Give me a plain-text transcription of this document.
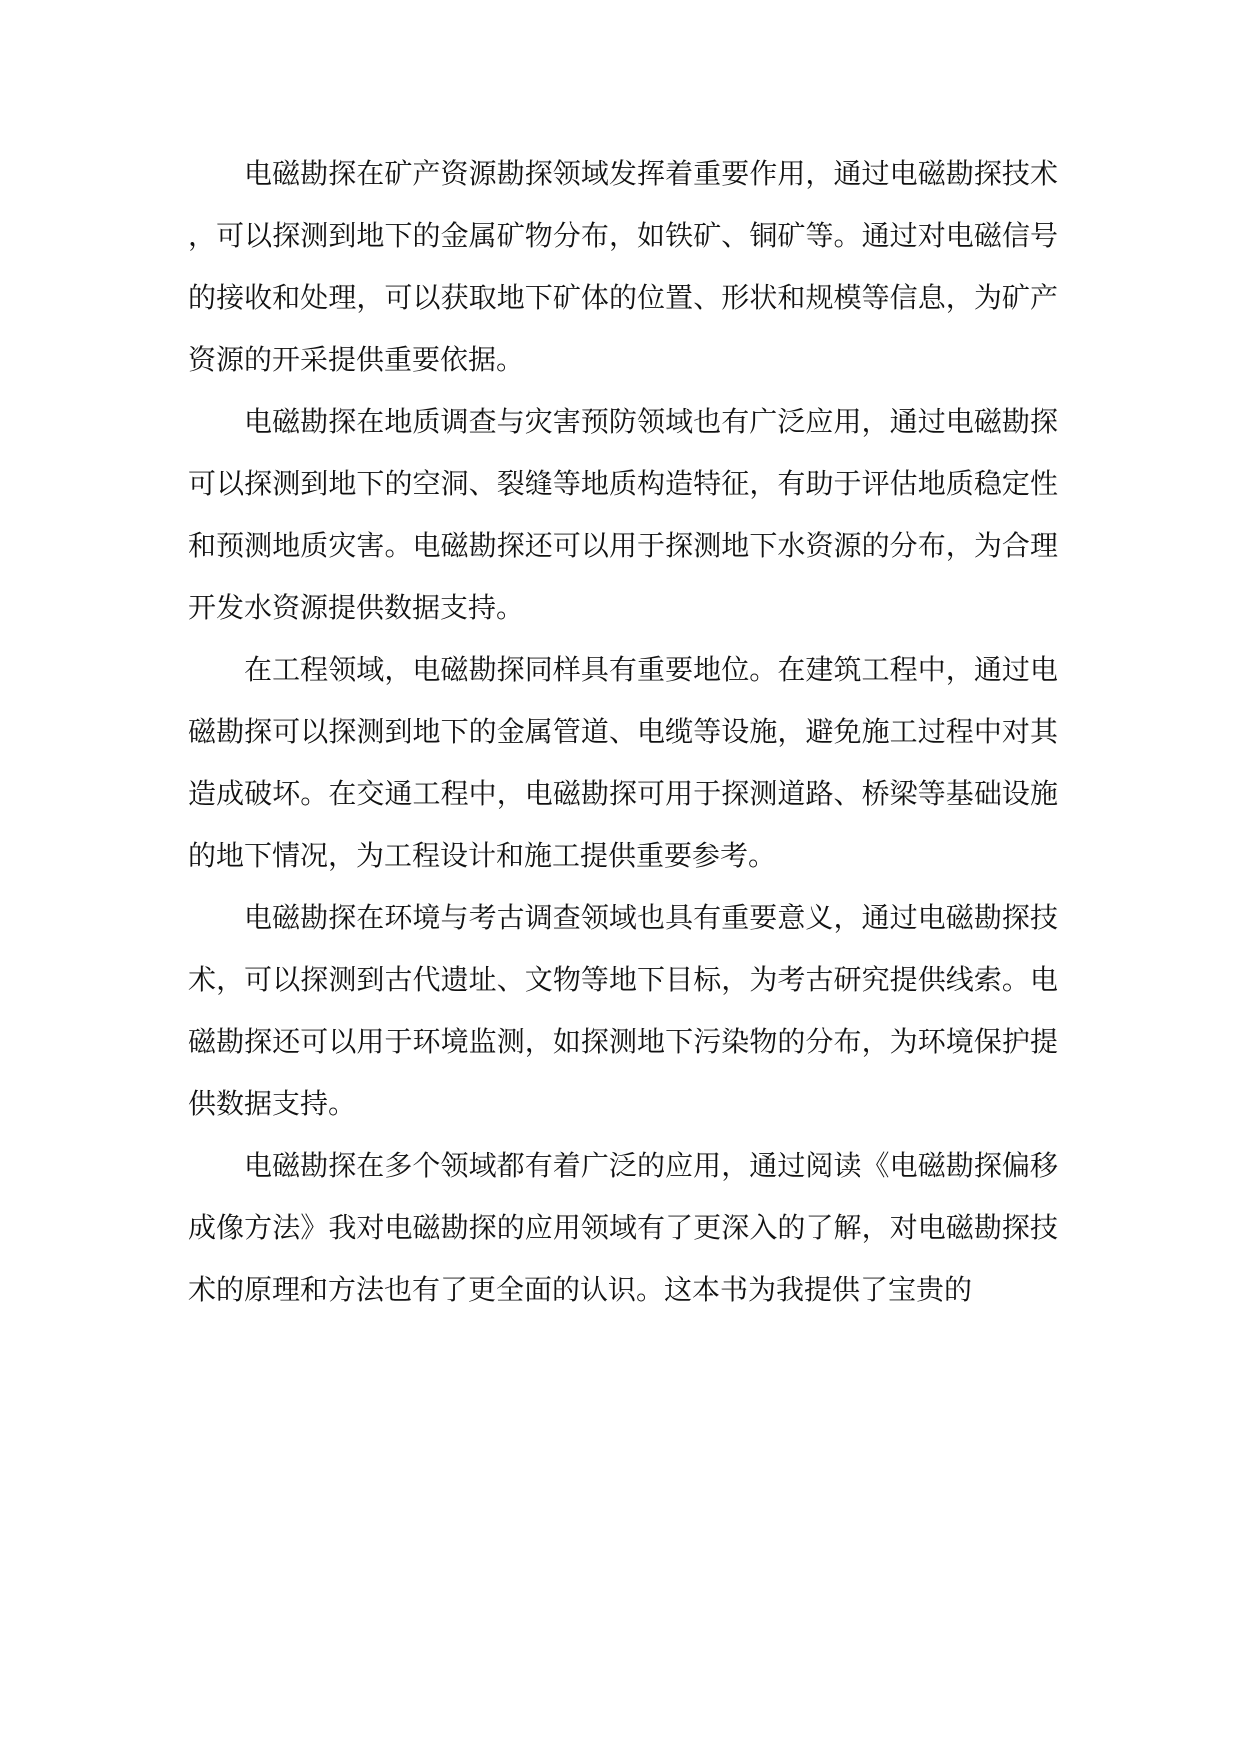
电磁勘探在矿产资源勘探领域发挥着重要作用，通过电磁勘探技术，可以探测到地下的金属矿物分布，如铁矿、铜矿等。通过对电磁信号的接收和处理，可以获取地下矿体的位置、形状和规模等信息，为矿产资源的开采提供重要依据。

电磁勘探在地质调查与灾害预防领域也有广泛应用，通过电磁勘探可以探测到地下的空洞、裂缝等地质构造特征，有助于评估地质稳定性和预测地质灾害。电磁勘探还可以用于探测地下水资源的分布，为合理开发水资源提供数据支持。

在工程领域，电磁勘探同样具有重要地位。在建筑工程中，通过电磁勘探可以探测到地下的金属管道、电缆等设施，避免施工过程中对其造成破坏。在交通工程中，电磁勘探可用于探测道路、桥梁等基础设施的地下情况，为工程设计和施工提供重要参考。

电磁勘探在环境与考古调查领域也具有重要意义，通过电磁勘探技术，可以探测到古代遗址、文物等地下目标，为考古研究提供线索。电磁勘探还可以用于环境监测，如探测地下污染物的分布，为环境保护提供数据支持。

电磁勘探在多个领域都有着广泛的应用，通过阅读《电磁勘探偏移成像方法》我对电磁勘探的应用领域有了更深入的了解，对电磁勘探技术的原理和方法也有了更全面的认识。这本书为我提供了宝贵的
